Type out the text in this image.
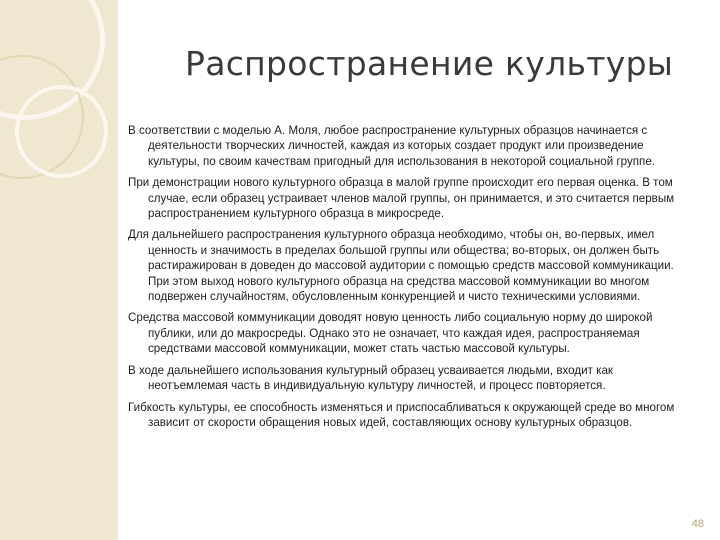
Распространение культуры

В соответствии с моделью А. Моля, любое распространение культурных образцов начинается с деятельности творческих личностей, каждая из которых создает продукт или произведение культуры, по своим качествам пригодный для использования в некоторой социальной группе.

При демонстрации нового культурного образца в малой группе происходит его первая оценка. В том случае, если образец устраивает членов малой группы, он принимается, и это считается первым распространением культурного образца в микросреде.

Для дальнейшего распространения культурного образца необходимо, чтобы он, во-первых, имел ценность и значимость в пределах большой группы или общества; во-вторых, он должен быть растиражирован в доведен до массовой аудитории с помощью средств массовой коммуникации. При этом выход нового культурного образца на средства массовой коммуникации во многом подвержен случайностям, обусловленным конкуренцией и чисто техническими условиями.

Средства массовой коммуникации доводят новую ценность либо социальную норму до широкой публики, или до макросреды. Однако это не означает, что каждая идея, распространяемая средствами массовой коммуникации, может стать частью массовой культуры.

В ходе дальнейшего использования культурный образец усваивается людьми, входит как неотъемлемая часть в индивидуальную культуру личностей, и процесс повторяется.

Гибкость культуры, ее способность изменяться и приспосабливаться к окружающей среде во многом зависит от скорости обращения новых идей, составляющих основу культурных образцов.

48
